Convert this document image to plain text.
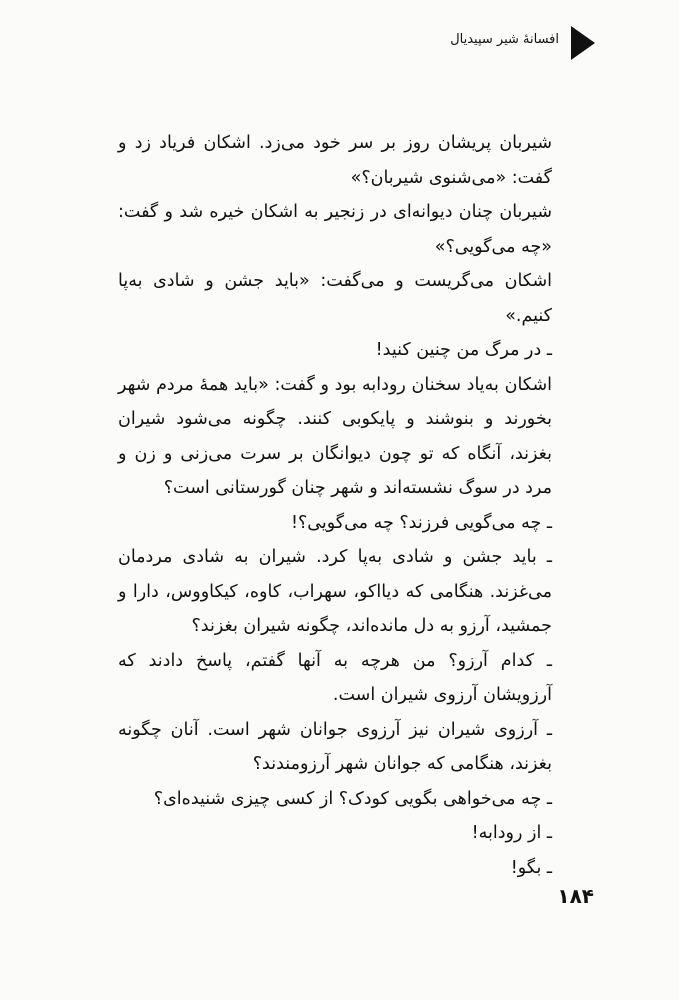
افسانهٔ شیر سپیدیال

شیربان پریشان روز بر سر خود می‌زد. اشکان فریاد زد و گفت: «می‌شنوی شیربان؟»

شیربان چنان دیوانه‌ای در زنجیر به اشکان خیره شد و گفت: «چه می‌گویی؟»

اشکان می‌گریست و می‌گفت: «باید جشن و شادی به‌پا کنیم.»

ـ در مرگ من چنین کنید!

اشکان به‌یاد سخنان رودابه بود و گفت: «باید همهٔ مردم شهر بخورند و بنوشند و پایکوبی کنند. چگونه می‌شود شیران بغزند، آنگاه که تو چون دیوانگان بر سرت می‌زنی و زن و مرد در سوگ نشسته‌اند و شهر چنان گورستانی است؟

ـ چه می‌گویی فرزند؟ چه می‌گویی؟!

ـ باید جشن و شادی به‌پا کرد. شیران به شادی مردمان می‌غزند. هنگامی که دیااکو، سهراب، کاوه، کیکاووس، دارا و جمشید، آرزو به دل مانده‌اند، چگونه شیران بغزند؟

ـ کدام آرزو؟ من هرچه به آنها گفتم، پاسخ دادند که آرزویشان آرزوی شیران است.

ـ آرزوی شیران نیز آرزوی جوانان شهر است. آنان چگونه بغزند، هنگامی که جوانان شهر آرزومندند؟

ـ چه می‌خواهی بگویی کودک؟ از کسی چیزی شنیده‌ای؟

ـ از رودابه!

ـ بگو!

۱۸۴
